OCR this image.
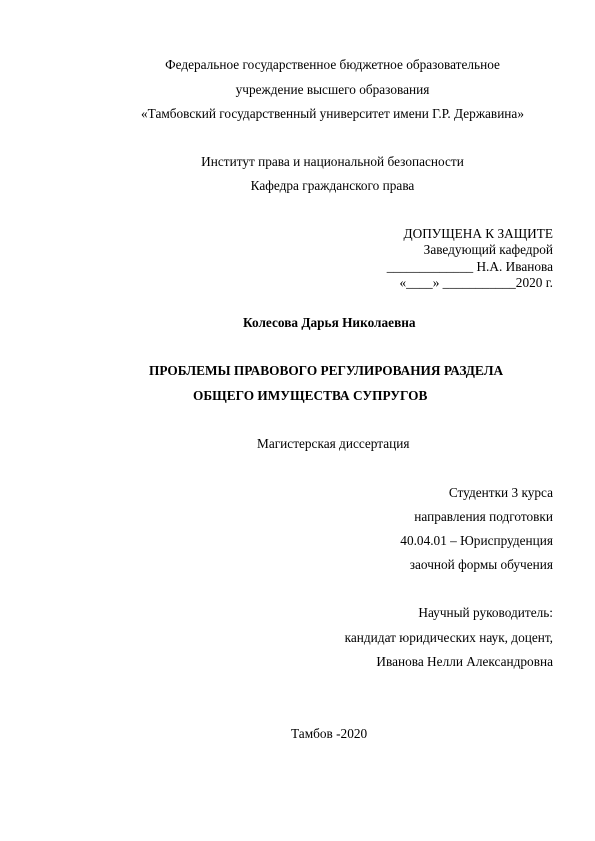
Федеральное государственное бюджетное образовательное
учреждение высшего образования
«Тамбовский государственный университет имени Г.Р. Державина»
Институт права и национальной безопасности
Кафедра гражданского права
ДОПУЩЕНА К ЗАЩИТЕ
Заведующий кафедрой
_____________ Н.А. Иванова
«____» ___________2020 г.
Колесова Дарья Николаевна
ПРОБЛЕМЫ ПРАВОВОГО РЕГУЛИРОВАНИЯ РАЗДЕЛА
ОБЩЕГО ИМУЩЕСТВА СУПРУГОВ
Магистерская диссертация
Студентки 3 курса
направления подготовки
40.04.01 – Юриспруденция
заочной формы обучения
Научный руководитель:
кандидат юридических наук, доцент,
Иванова Нелли Александровна
Тамбов -2020
